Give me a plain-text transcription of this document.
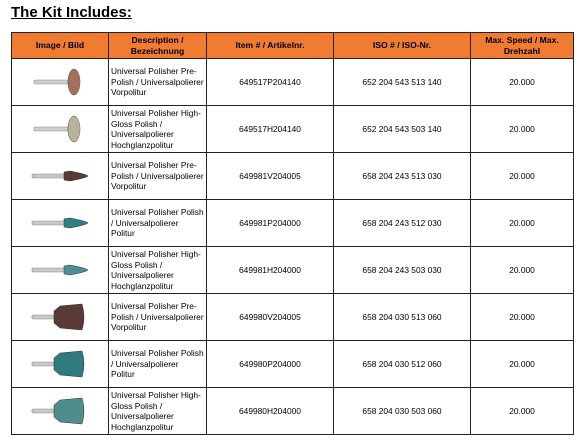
The Kit Includes:
Image / Bild	Description / Bezeichnung	Item # / Artikelnr.	ISO # / ISO-Nr.	Max. Speed / Max. Drehzahl

	Universal Polisher Pre-Polish / Universalpolierer Vorpolitur	649517P204140	652 204 543 513 140	20.000

	Universal Polisher High-Gloss Polish / Universalpolierer Hochglanzpolitur	649517H204140	652 204 543 503 140	20.000

	Universal Polisher Pre-Polish / Universalpolierer Vorpolitur	649981V204005	658 204 243 513 030	20.000

	Universal Polisher Polish / Universalpolierer Politur	649981P204000	658 204 243 512 030	20.000

	Universal Polisher High-Gloss Polish / Universalpolierer Hochglanzpolitur	649981H204000	658 204 243 503 030	20.000

	Universal Polisher Pre-Polish / Universalpolierer Vorpolitur	649980V204005	658 204 030 513 060	20.000

	Universal Polisher Polish / Universalpolierer Politur	649980P204000	658 204 030 512 060	20.000

	Universal Polisher High-Gloss Polish / Universalpolierer Hochglanzpolitur	649980H204000	658 204 030 503 060	20.000
